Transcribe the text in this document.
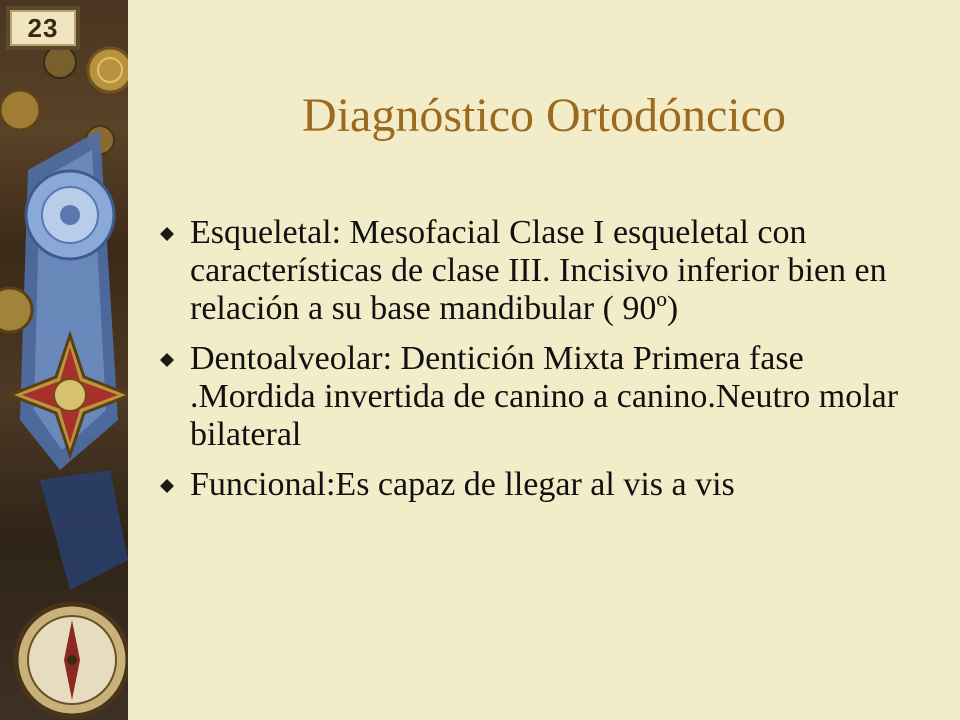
23
Diagnóstico Ortodóncico
Esqueletal: Mesofacial Clase I esqueletal con características de clase III. Incisivo inferior bien en relación a su base mandibular ( 90º)
Dentoalveolar: Dentición Mixta Primera fase .Mordida invertida de canino a canino.Neutro molar bilateral
Funcional:Es capaz de llegar al vis a vis
